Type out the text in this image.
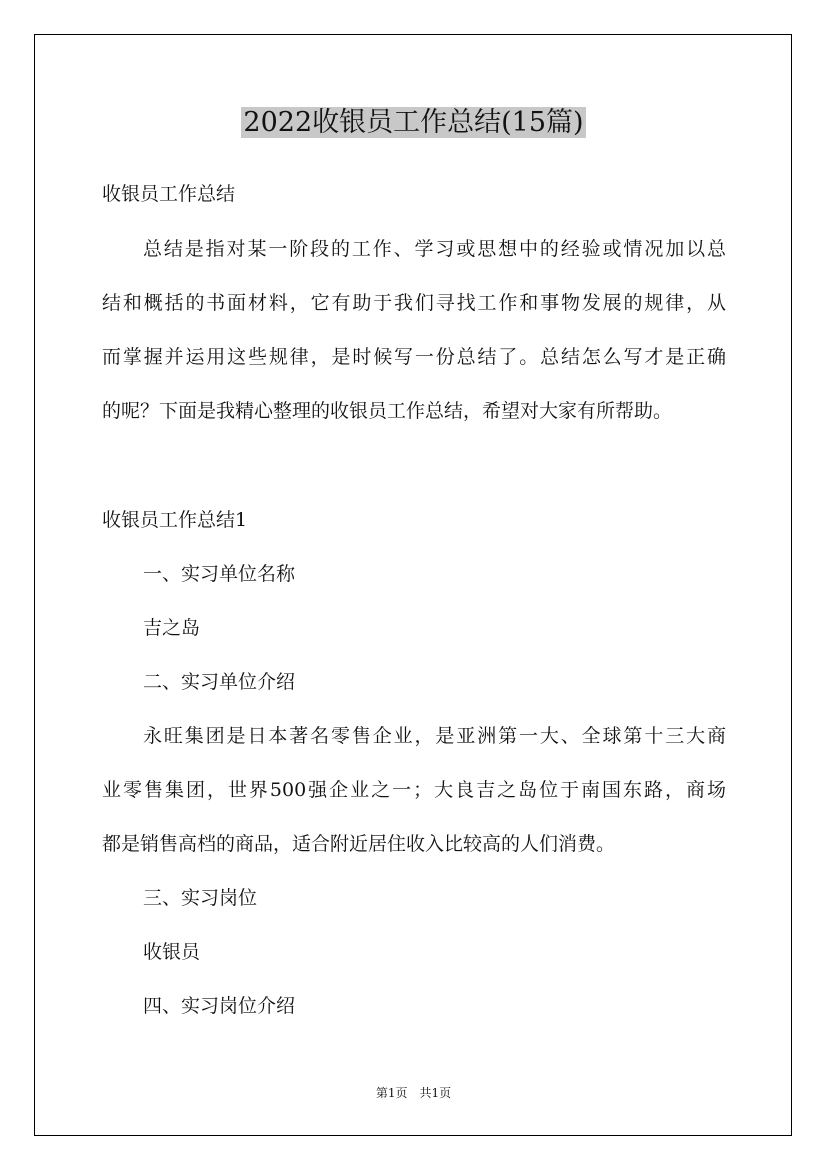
2022收银员工作总结(15篇)
收银员工作总结
总结是指对某一阶段的工作、学习或思想中的经验或情况加以总
结和概括的书面材料，它有助于我们寻找工作和事物发展的规律，从
而掌握并运用这些规律，是时候写一份总结了。总结怎么写才是正确
的呢？下面是我精心整理的收银员工作总结，希望对大家有所帮助。
收银员工作总结1
一、实习单位名称
吉之岛
二、实习单位介绍
永旺集团是日本著名零售企业，是亚洲第一大、全球第十三大商
业零售集团，世界500强企业之一；大良吉之岛位于南国东路，商场
都是销售高档的商品，适合附近居住收入比较高的人们消费。
三、实习岗位
收银员
四、实习岗位介绍
第1页　共1页
